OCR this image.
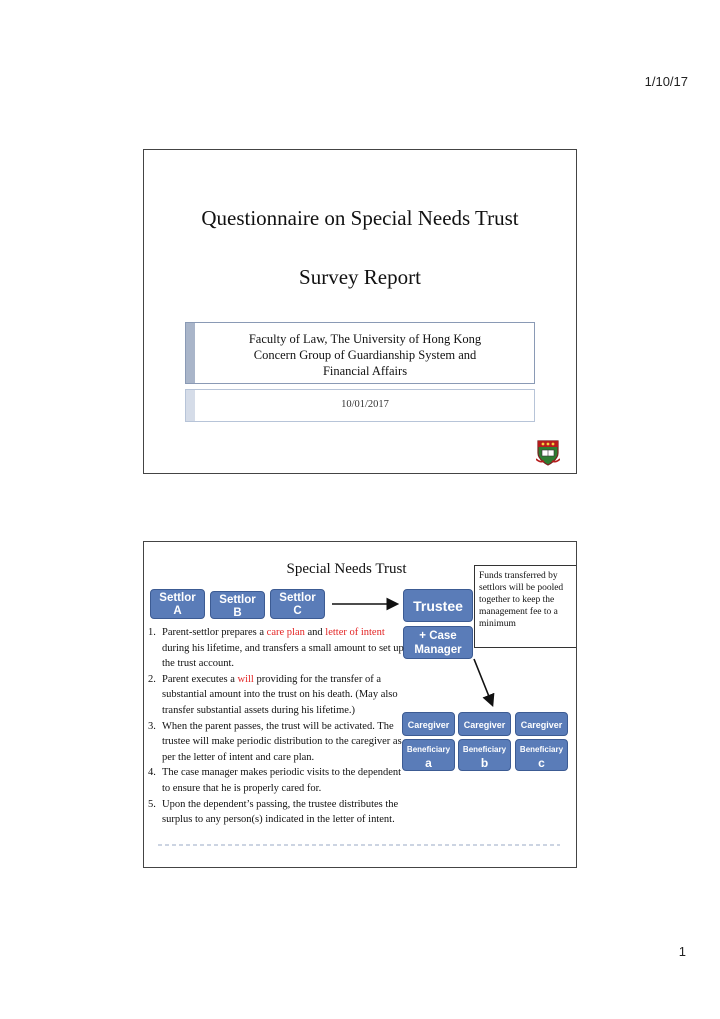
1/10/17
Questionnaire on Special Needs Trust
Survey Report
Faculty of Law, The University of Hong Kong
Concern Group of Guardianship System and
Financial Affairs
10/01/2017
Special Needs Trust	Funds transferred by settlors will be pooled together to keep the management fee to a minimum
Settlor
A
Settlor
B
Settlor
C	Trustee
+ Case
Manager
Caregiver	Caregiver	Caregiver
Beneficiary
a
Beneficiary
b
Beneficiary
c
1. Parent-settlor prepares a care plan and letter of intent during his lifetime, and transfers a small amount to set up the trust account.
2. Parent executes a will providing for the transfer of a substantial amount into the trust on his death. (May also transfer substantial assets during his lifetime.)
3. When the parent passes, the trust will be activated. The trustee will make periodic distribution to the caregiver as per the letter of intent and care plan.
4. The case manager makes periodic visits to the dependent to ensure that he is properly cared for.
5. Upon the dependent’s passing, the trustee distributes the surplus to any person(s) indicated in the letter of intent.
1
